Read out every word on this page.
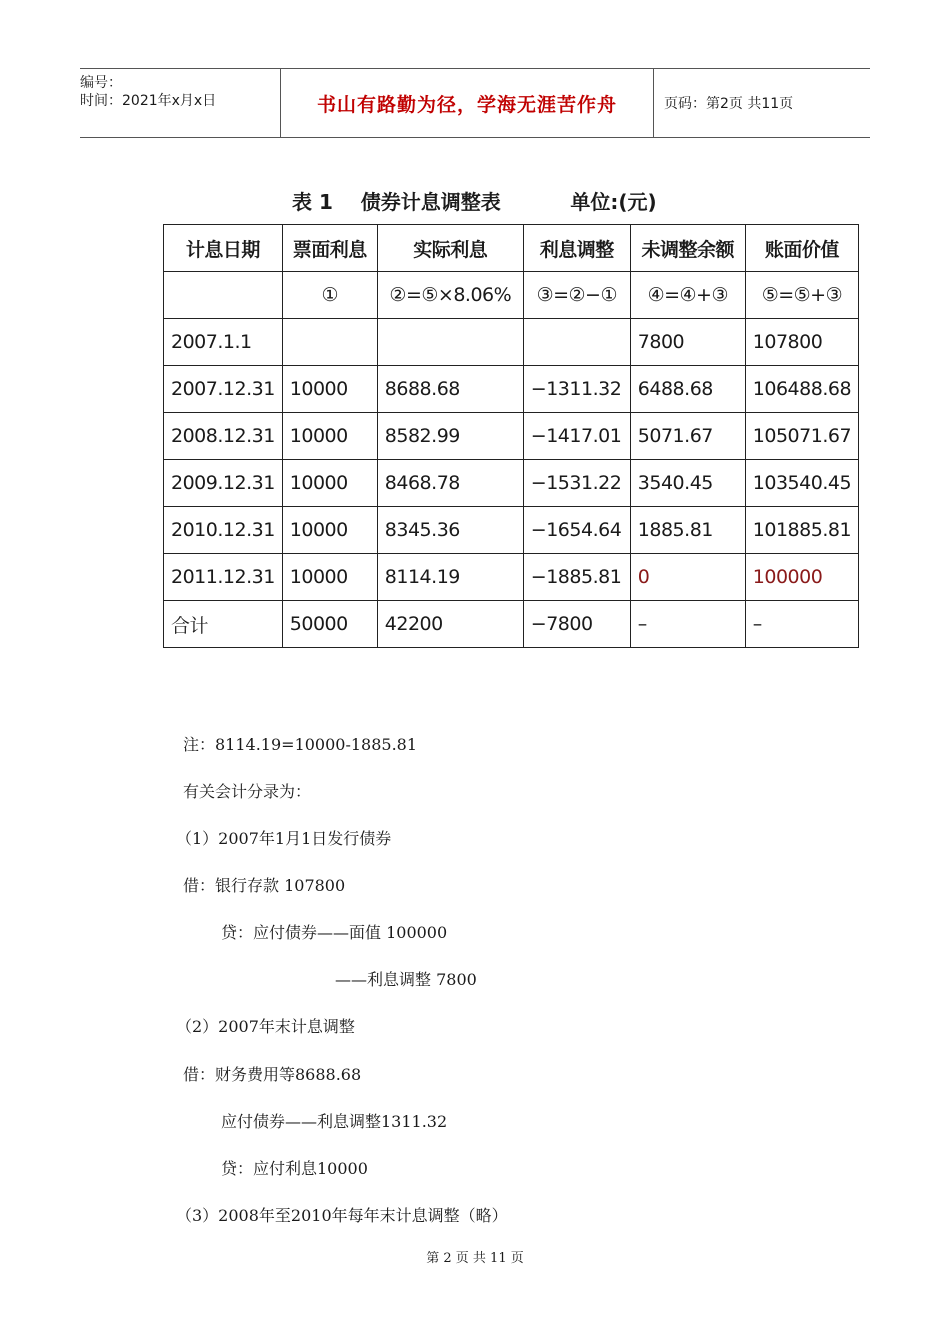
编号：
时间：2021年x月x日	书山有路勤为径，学海无涯苦作舟	页码：第2页 共11页
表 1    债券计息调整表          单位:(元)
计息日期	票面利息	实际利息	利息调整	未调整余额	账面价值
	①	②=⑤×8.06%	③=②−①	④=④+③	⑤=⑤+③
2007.1.1				7800	107800
2007.12.31	10000	8688.68	−1311.32	6488.68	106488.68
2008.12.31	10000	8582.99	−1417.01	5071.67	105071.67
2009.12.31	10000	8468.78	−1531.22	3540.45	103540.45
2010.12.31	10000	8345.36	−1654.64	1885.81	101885.81
2011.12.31	10000	8114.19	−1885.81	0	100000
合计	50000	42200	−7800	–	–
注：8114.19=10000-1885.81
有关会计分录为：
（1）2007年1月1日发行债券
借：银行存款 107800
贷：应付债券——面值 100000
——利息调整 7800
（2）2007年末计息调整
借：财务费用等8688.68
应付债券——利息调整1311.32
贷：应付利息10000
（3）2008年至2010年每年末计息调整（略）
第 2 页 共 11 页
